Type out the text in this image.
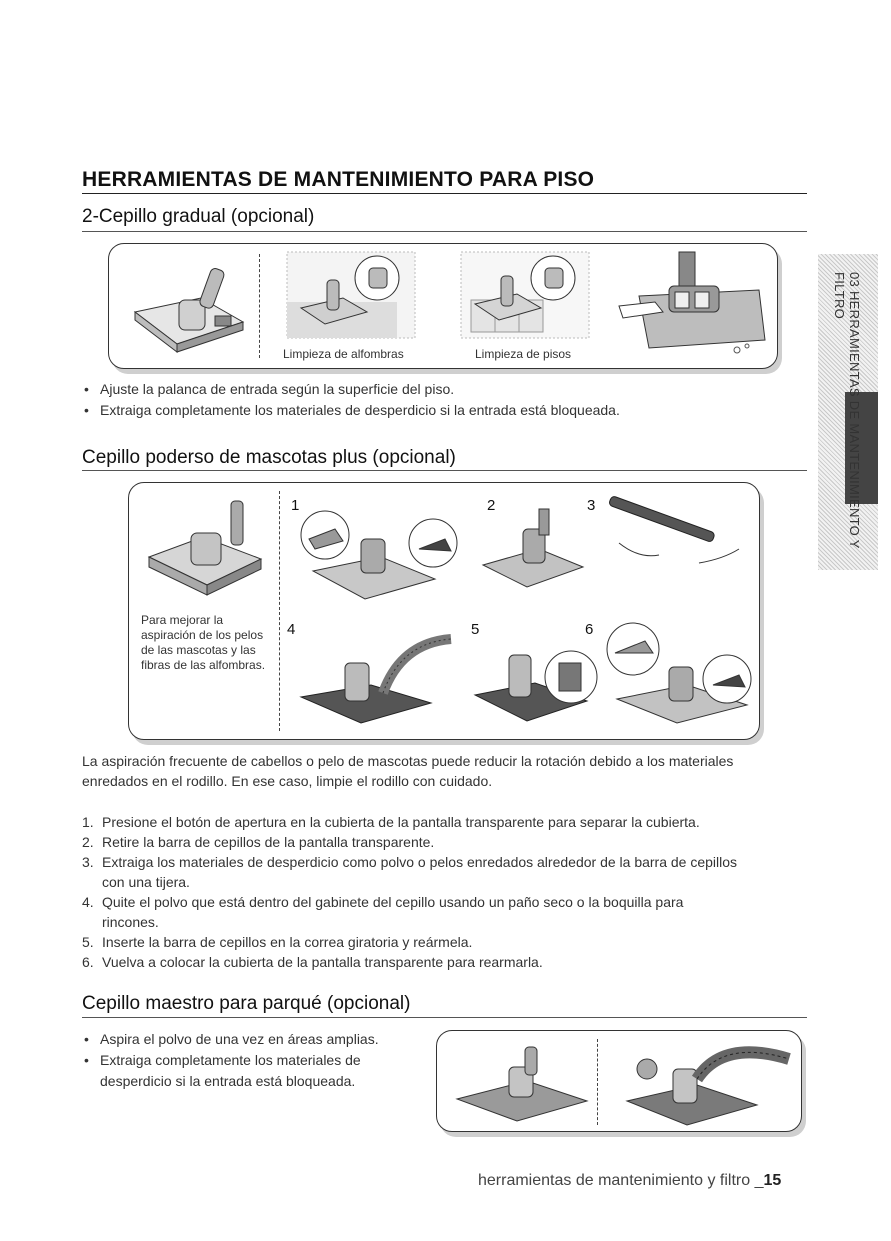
HERRAMIENTAS DE MANTENIMIENTO PARA PISO
2-Cepillo gradual (opcional)
Limpieza de alfombras	Limpieza de pisos
• Ajuste la palanca de entrada según la superficie del piso.
• Extraiga completamente los materiales de desperdicio si la entrada está bloqueada.
Cepillo poderso de mascotas plus (opcional)
Para mejorar la
aspiración de los pelos
de las mascotas y las
fibras de las alfombras.
1	2	3
4	5	6
La aspiración frecuente de cabellos o pelo de mascotas puede reducir la rotación debido a los materiales
enredados en el rodillo. En ese caso, limpie el rodillo con cuidado.
1. Presione el botón de apertura en la cubierta de la pantalla transparente para separar la cubierta.
2. Retire la barra de cepillos de la pantalla transparente.
3. Extraiga los materiales de desperdicio como polvo o pelos enredados alrededor de la barra de cepillos
con una tijera.
4. Quite el polvo que está dentro del gabinete del cepillo usando un paño seco o la boquilla para
rincones.
5. Inserte la barra de cepillos en la correa giratoria y reármela.
6. Vuelva a colocar la cubierta de la pantalla transparente para rearmarla.
Cepillo maestro para parqué (opcional)
• Aspira el polvo de una vez en áreas amplias.
• Extraiga completamente los materiales de
desperdicio si la entrada está bloqueada.
03 HERRAMIENTAS DE MANTENIMIENTO Y FILTRO
herramientas de mantenimiento y filtro _15
